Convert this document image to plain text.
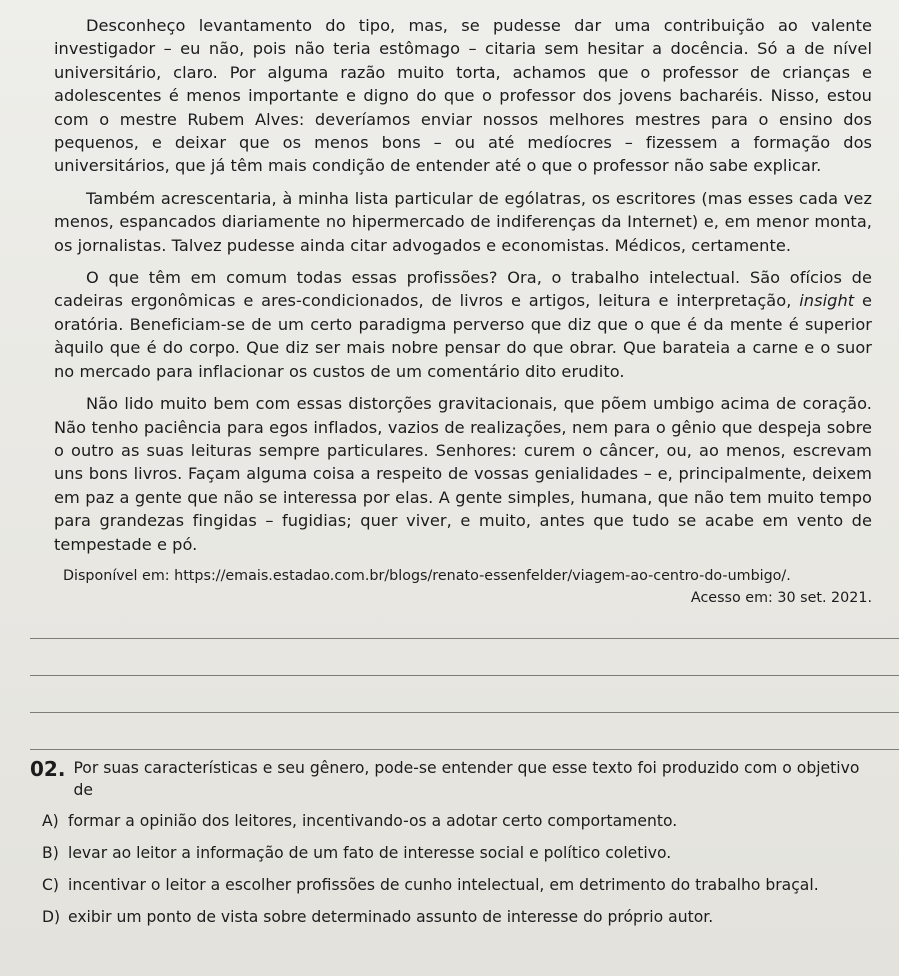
Desconheço levantamento do tipo, mas, se pudesse dar uma contribuição ao valente investigador – eu não, pois não teria estômago – citaria sem hesitar a docência. Só a de nível universitário, claro. Por alguma razão muito torta, achamos que o professor de crianças e adolescentes é menos importante e digno do que o professor dos jovens bacharéis. Nisso, estou com o mestre Rubem Alves: deveríamos enviar nossos melhores mestres para o ensino dos pequenos, e deixar que os menos bons – ou até medíocres – fizessem a formação dos universitários, que já têm mais condição de entender até o que o professor não sabe explicar.

Também acrescentaria, à minha lista particular de ególatras, os escritores (mas esses cada vez menos, espancados diariamente no hipermercado de indiferenças da Internet) e, em menor monta, os jornalistas. Talvez pudesse ainda citar advogados e economistas. Médicos, certamente.

O que têm em comum todas essas profissões? Ora, o trabalho intelectual. São ofícios de cadeiras ergonômicas e ares-condicionados, de livros e artigos, leitura e interpretação, insight e oratória. Beneficiam-se de um certo paradigma perverso que diz que o que é da mente é superior àquilo que é do corpo. Que diz ser mais nobre pensar do que obrar. Que barateia a carne e o suor no mercado para inflacionar os custos de um comentário dito erudito.

Não lido muito bem com essas distorções gravitacionais, que põem umbigo acima de coração. Não tenho paciência para egos inflados, vazios de realizações, nem para o gênio que despeja sobre o outro as suas leituras sempre particulares. Senhores: curem o câncer, ou, ao menos, escrevam uns bons livros. Façam alguma coisa a respeito de vossas genialidades – e, principalmente, deixem em paz a gente que não se interessa por elas. A gente simples, humana, que não tem muito tempo para grandezas fingidas – fugidias; quer viver, e muito, antes que tudo se acabe em vento de tempestade e pó.

Disponível em: https://emais.estadao.com.br/blogs/renato-essenfelder/viagem-ao-centro-do-umbigo/.
Acesso em: 30 set. 2021.

02. Por suas características e seu gênero, pode-se entender que esse texto foi produzido com o objetivo de
A) formar a opinião dos leitores, incentivando-os a adotar certo comportamento.
B) levar ao leitor a informação de um fato de interesse social e político coletivo.
C) incentivar o leitor a escolher profissões de cunho intelectual, em detrimento do trabalho braçal.
D) exibir um ponto de vista sobre determinado assunto de interesse do próprio autor.
